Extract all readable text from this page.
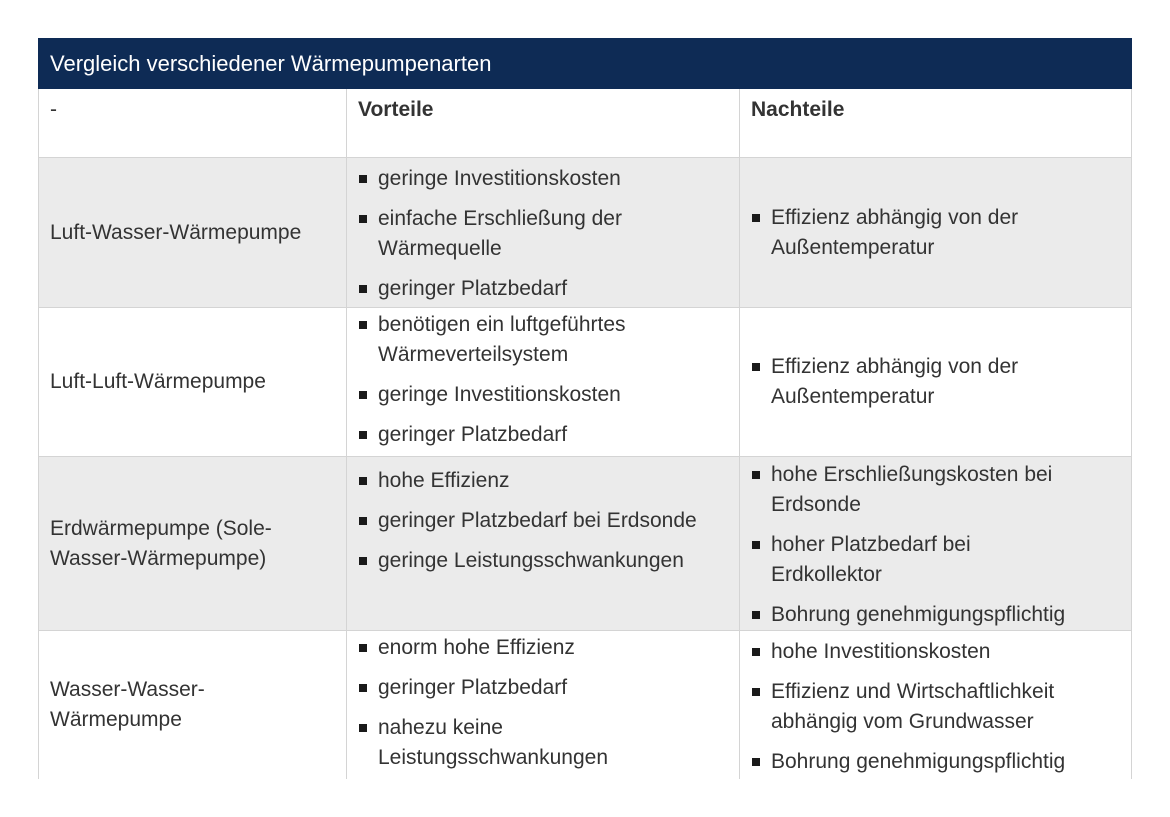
Vergleich verschiedener Wärmepumpenarten
-	Vorteile	Nachteile
Luft-Wasser-Wärmepumpe
geringe Investitionskosten
einfache Erschließung der Wärmequelle
geringer Platzbedarf
Effizienz abhängig von der Außentemperatur
Luft-Luft-Wärmepumpe
benötigen ein luftgeführtes Wärmeverteilsystem
geringe Investitionskosten
geringer Platzbedarf
Effizienz abhängig von der Außentemperatur
Erdwärmepumpe (Sole-Wasser-Wärmepumpe)
hohe Effizienz
geringer Platzbedarf bei Erdsonde
geringe Leistungsschwankungen
hohe Erschließungskosten bei Erdsonde
hoher Platzbedarf bei Erdkollektor
Bohrung genehmigungspflichtig
Wasser-Wasser-Wärmepumpe
enorm hohe Effizienz
geringer Platzbedarf
nahezu keine Leistungsschwankungen
hohe Investitionskosten
Effizienz und Wirtschaftlichkeit abhängig vom Grundwasser
Bohrung genehmigungspflichtig
